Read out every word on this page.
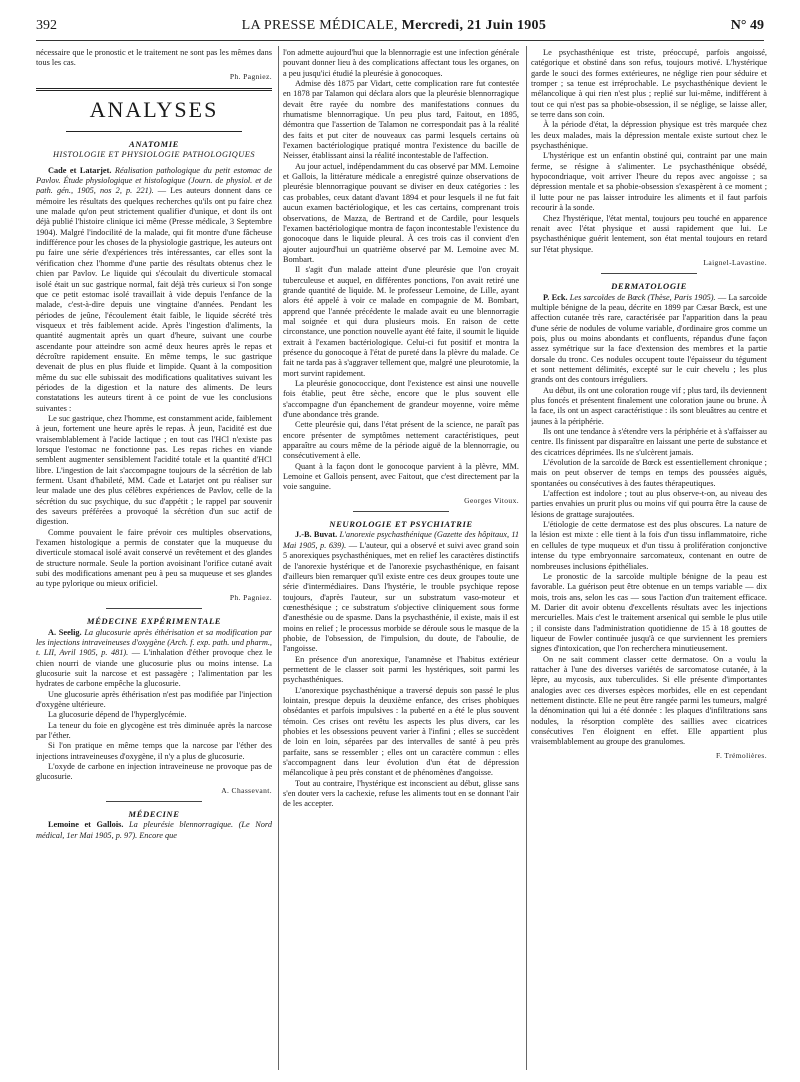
392	LA PRESSE MÉDICALE, Mercredi, 21 Juin 1905	N° 49

nécessaire que le pronostic et le traitement ne sont pas les mêmes dans tous les cas.

Ph. Pagniez.
ANALYSES
ANATOMIE
HISTOLOGIE ET PHYSIOLOGIE PATHOLOGIQUES

Cade et Latarjet. Réalisation pathologique du petit estomac de Pavlov. Étude physiologique et histologique (Journ. de physiol. et de path. gén., 1905, nos 2, p. 221). — Les auteurs donnent dans ce mémoire les résultats des quelques recherches qu'ils ont pu faire chez une malade qu'on peut strictement qualifier d'unique, et dont ils ont déjà publié l'histoire clinique ici même (Presse médicale, 3 Septembre 1904). Malgré l'indocilité de la malade, qui fit montre d'une fâcheuse indifférence pour les choses de la physiologie gastrique, les auteurs ont pu faire une série d'expériences très intéressantes, car elles sont la vérification chez l'homme d'une partie des résultats obtenus chez le chien par Pavlov. Le liquide qui s'écoulait du diverticule stomacal isolé était un suc gastrique normal, fait déjà très curieux si l'on songe que ce petit estomac isolé travaillait à vide depuis l'enfance de la malade, c'est-à-dire depuis une vingtaine d'années. Pendant les périodes de jeûne, l'écoulement était faible, le liquide sécrété très visqueux et très faiblement acide. Après l'ingestion d'aliments, la quantité augmentait après un quart d'heure, suivant une courbe ascendante pour atteindre son acmé deux heures après le repas et décroître rapidement ensuite. En même temps, le suc gastrique devenait de plus en plus fluide et limpide. Quant à la composition même du suc elle subissait des modifications qualitatives suivant les périodes de la digestion et la nature des aliments. De leurs constatations les auteurs tirent à ce point de vue les conclusions suivantes :

Le suc gastrique, chez l'homme, est constamment acide, faiblement à jeun, fortement une heure après le repas. À jeun, l'acidité est due vraisemblablement à l'acide lactique ; en tout cas l'HCl n'existe pas lorsque l'estomac ne fonctionne pas. Les repas riches en viande semblent augmenter sensiblement l'acidité totale et la quantité d'HCl libre. L'ingestion de lait s'accompagne toujours de la sécrétion de lab ferment. Usant d'habileté, MM. Cade et Latarjet ont pu réaliser sur leur malade une des plus célèbres expériences de Pavlov, celle de la sécrétion du suc psychique, du suc d'appétit ; le rappel par souvenir des saveurs préférées a provoqué la sécrétion d'un suc actif de digestion.

Comme pouvaient le faire prévoir ces multiples observations, l'examen histologique a permis de constater que la muqueuse du diverticule stomacal isolé avait conservé un revêtement et des glandes de structure normale. Seule la portion avoisinant l'orifice cutané avait subi des modifications amenant peu à peu sa muqueuse et ses glandes au type pylorique ou mieux orificiel.

Ph. Pagniez.
MÉDECINE EXPÉRIMENTALE

A. Seelig. La glucosurie après éthérisation et sa modification par les injections intraveineuses d'oxygène (Arch. f. exp. path. und pharm., t. LII, Avril 1905, p. 481). — L'inhalation d'éther provoque chez le chien nourri de viande une glucosurie plus ou moins intense. La glucosurie suit la narcose et est passagère ; l'alimentation par les hydrates de carbone empêche la glucosurie.

Une glucosurie après éthérisation n'est pas modifiée par l'injection d'oxygène ultérieure.

La glucosurie dépend de l'hyperglycémie.

La teneur du foie en glycogène est très diminuée après la narcose par l'éther.

Si l'on pratique en même temps que la narcose par l'éther des injections intraveineuses d'oxygène, il n'y a plus de glucosurie.

L'oxyde de carbone en injection intraveineuse ne provoque pas de glucosurie.

A. Chassevant.
MÉDECINE

Lemoine et Gallois. La pleurésie blennorragique. (Le Nord médical, 1er Mai 1905, p. 97). Encore que

l'on admette aujourd'hui que la blennorragie est une infection générale pouvant donner lieu à des complications affectant tous les organes, on a peu jusqu'ici étudié la pleurésie à gonocoques.

Admise dès 1875 par Vidart, cette complication rare fut contestée en 1878 par Talamon qui déclara alors que la pleurésie blennorragique devait être rayée du nombre des manifestations connues du rhumatisme blennorragique. Un peu plus tard, Faitout, en 1895, démontra que l'assertion de Talamon ne correspondait pas à la réalité des faits et put citer de nouveaux cas parmi lesquels certains où l'examen bactériologique pratiqué montra l'existence du bacille de Neisser, établissant ainsi la réalité incontestable de l'affection.

Au jour actuel, indépendamment du cas observé par MM. Lemoine et Gallois, la littérature médicale a enregistré quinze observations de pleurésie blennorragique pouvant se diviser en deux catégories : les cas probables, ceux datant d'avant 1894 et pour lesquels il ne fut fait aucun examen bactériologique, et les cas certains, comprenant trois observations, de Mazza, de Bertrand et de Cardile, pour lesquels l'examen bactériologique montra de façon incontestable l'existence du gonocoque dans le liquide pleural. À ces trois cas il convient d'en ajouter aujourd'hui un quatrième observé par M. Lemoine avec M. Bombart.

Il s'agit d'un malade atteint d'une pleurésie que l'on croyait tuberculeuse et auquel, en différentes ponctions, l'on avait retiré une grande quantité de liquide. M. le professeur Lemoine, de Lille, ayant alors été appelé à voir ce malade en compagnie de M. Bombart, apprend que l'année précédente le malade avait eu une blennorragie mal soignée et qui dura plusieurs mois. En raison de cette circonstance, une ponction nouvelle ayant été faite, il soumit le liquide extrait à l'examen bactériologique. Celui-ci fut positif et montra la présence du gonocoque à l'état de pureté dans la plèvre du malade. Ce fait ne tarda pas à s'aggraver tellement que, malgré une pleurotomie, la mort survint rapidement.

La pleurésie gonococcique, dont l'existence est ainsi une nouvelle fois établie, peut être sèche, encore que le plus souvent elle s'accompagne d'un épanchement de grandeur moyenne, voire même d'une abondance très grande.

Cette pleurésie qui, dans l'état présent de la science, ne paraît pas encore présenter de symptômes nettement caractéristiques, peut apparaître au cours même de la période aiguë de la blennorragie, ou consécutivement à elle.

Quant à la façon dont le gonocoque parvient à la plèvre, MM. Lemoine et Gallois pensent, avec Faitout, que c'est directement par la voie sanguine.

Georges Vitoux.
NEUROLOGIE ET PSYCHIATRIE

J.-B. Buvat. L'anorexie psychasthénique (Gazette des hôpitaux, 11 Mai 1905, p. 639). — L'auteur, qui a observé et suivi avec grand soin 5 anorexiques psychasthéniques, met en relief les caractères distinctifs de l'anorexie hystérique et de l'anorexie psychasthénique, en faisant d'ailleurs bien remarquer qu'il existe entre ces deux groupes toute une série d'intermédiaires. Dans l'hystérie, le trouble psychique repose toujours, d'après l'auteur, sur un substratum vaso-moteur et cœnesthésique ; ce substratum s'objective cliniquement sous forme d'anesthésie ou de spasme. Dans la psychasthénie, il existe, mais il est moins en relief ; le processus morbide se déroule sous le masque de la phobie, de l'obsession, de l'impulsion, du doute, de l'aboulie, de l'angoisse.

En présence d'un anorexique, l'anamnèse et l'habitus extérieur permettent de le classer soit parmi les hystériques, soit parmi les psychasthéniques.

L'anorexique psychasthénique a traversé depuis son passé le plus lointain, presque depuis la deuxième enfance, des crises phobiques obsédantes et parfois impulsives : la puberté en a été le plus souvent témoin. Ces crises ont revêtu les aspects les plus divers, car les phobies et les obsessions peuvent varier à l'infini ; elles se succèdent de loin en loin, séparées par des intervalles de santé à peu près parfaite, sans se ressembler ; elles ont un caractère commun : elles s'accompagnent dans leur évolution d'un état de dépression mélancolique à peu près constant et de phénomènes d'angoisse.

Tout au contraire, l'hystérique est inconscient au début, glisse sans s'en douter vers la cachexie, refuse les aliments tout en se donnant l'air de les accepter.

Le psychasthénique est triste, préoccupé, parfois angoissé, catégorique et obstiné dans son refus, toujours motivé. L'hystérique garde le souci des formes extérieures, ne néglige rien pour séduire et tromper ; sa tenue est irréprochable. Le psychasthénique devient le mélancolique à qui rien n'est plus ; replié sur lui-même, indifférent à tout ce qui n'est pas sa phobie-obsession, il se néglige, se laisse aller, se terre dans son coin.

À la période d'état, la dépression physique est très marquée chez les deux malades, mais la dépression mentale existe surtout chez le psychasthénique.

L'hystérique est un enfantin obstiné qui, contraint par une main ferme, se résigne à s'alimenter. Le psychasthénique obsédé, hypocondriaque, voit arriver l'heure du repos avec angoisse ; sa dépression mentale et sa phobie-obsession s'exaspèrent à ce moment ; il lutte pour ne pas laisser introduire les aliments et il faut parfois recourir à la sonde.

Chez l'hystérique, l'état mental, toujours peu touché en apparence renait avec l'état physique et aussi rapidement que lui. Le psychasthénique guérit lentement, son état mental toujours en retard sur l'état physique.

Laignel-Lavastine.
DERMATOLOGIE

P. Eck. Les sarcoïdes de Bœck (Thèse, Paris 1905). — La sarcoïde multiple bénigne de la peau, décrite en 1899 par Cæsar Bœck, est une affection cutanée très rare, caractérisée par l'apparition dans la peau d'une série de nodules de volume variable, d'ordinaire gros comme un pois, plus ou moins abondants et confluents, répandus d'une façon assez symétrique sur la face d'extension des membres et la partie dorsale du tronc. Ces nodules occupent toute l'épaisseur du tégument et sont nettement délimités, excepté sur le cuir chevelu ; les plus grands ont des contours irréguliers.

Au début, ils ont une coloration rouge vif ; plus tard, ils deviennent plus foncés et présentent finalement une coloration jaune ou brune. À la face, ils ont un aspect caractéristique : ils sont bleuâtres au centre et jaunes à la périphérie.

Ils ont une tendance à s'étendre vers la périphérie et à s'affaisser au centre. Ils finissent par disparaître en laissant une perte de substance et des cicatrices déprimées. Ils ne s'ulcèrent jamais.

L'évolution de la sarcoïde de Bœck est essentiellement chronique ; mais on peut observer de temps en temps des poussées aiguës, spontanées ou consécutives à des fautes thérapeutiques.

L'affection est indolore ; tout au plus observe-t-on, au niveau des parties envahies un prurit plus ou moins vif qui pourra être la cause de lésions de grattage surajoutées.

L'étiologie de cette dermatose est des plus obscures. La nature de la lésion est mixte : elle tient à la fois d'un tissu inflammatoire, riche en cellules de type muqueux et d'un tissu à prolifération conjonctive intense du type embryonnaire sarcomateux, contenant en outre de nombreuses inclusions épithéliales.

Le pronostic de la sarcoïde multiple bénigne de la peau est favorable. La guérison peut être obtenue en un temps variable — dix mois, trois ans, selon les cas — sous l'action d'un traitement efficace. M. Darier dit avoir obtenu d'excellents résultats avec les injections mercurielles. Mais c'est le traitement arsenical qui semble le plus utile ; il consiste dans l'administration quotidienne de 15 à 18 gouttes de liqueur de Fowler continuée jusqu'à ce que surviennent les premiers signes d'intoxication, que l'on recherchera minutieusement.

On ne sait comment classer cette dermatose. On a voulu la rattacher à l'une des diverses variétés de sarcomatose cutanée, à la lèpre, au mycosis, aux tuberculides. Si elle présente d'importantes analogies avec ces diverses espèces morbides, elle en est cependant nettement distincte. Elle ne peut être rangée parmi les tumeurs, malgré la dénomination qui lui a été donnée : les plaques d'infiltrations sans nodules, la résorption complète des saillies avec cicatrices consécutives l'en éloignent en effet. Elle appartient plus vraisemblablement au groupe des granulomes.

F. Trémolières.
